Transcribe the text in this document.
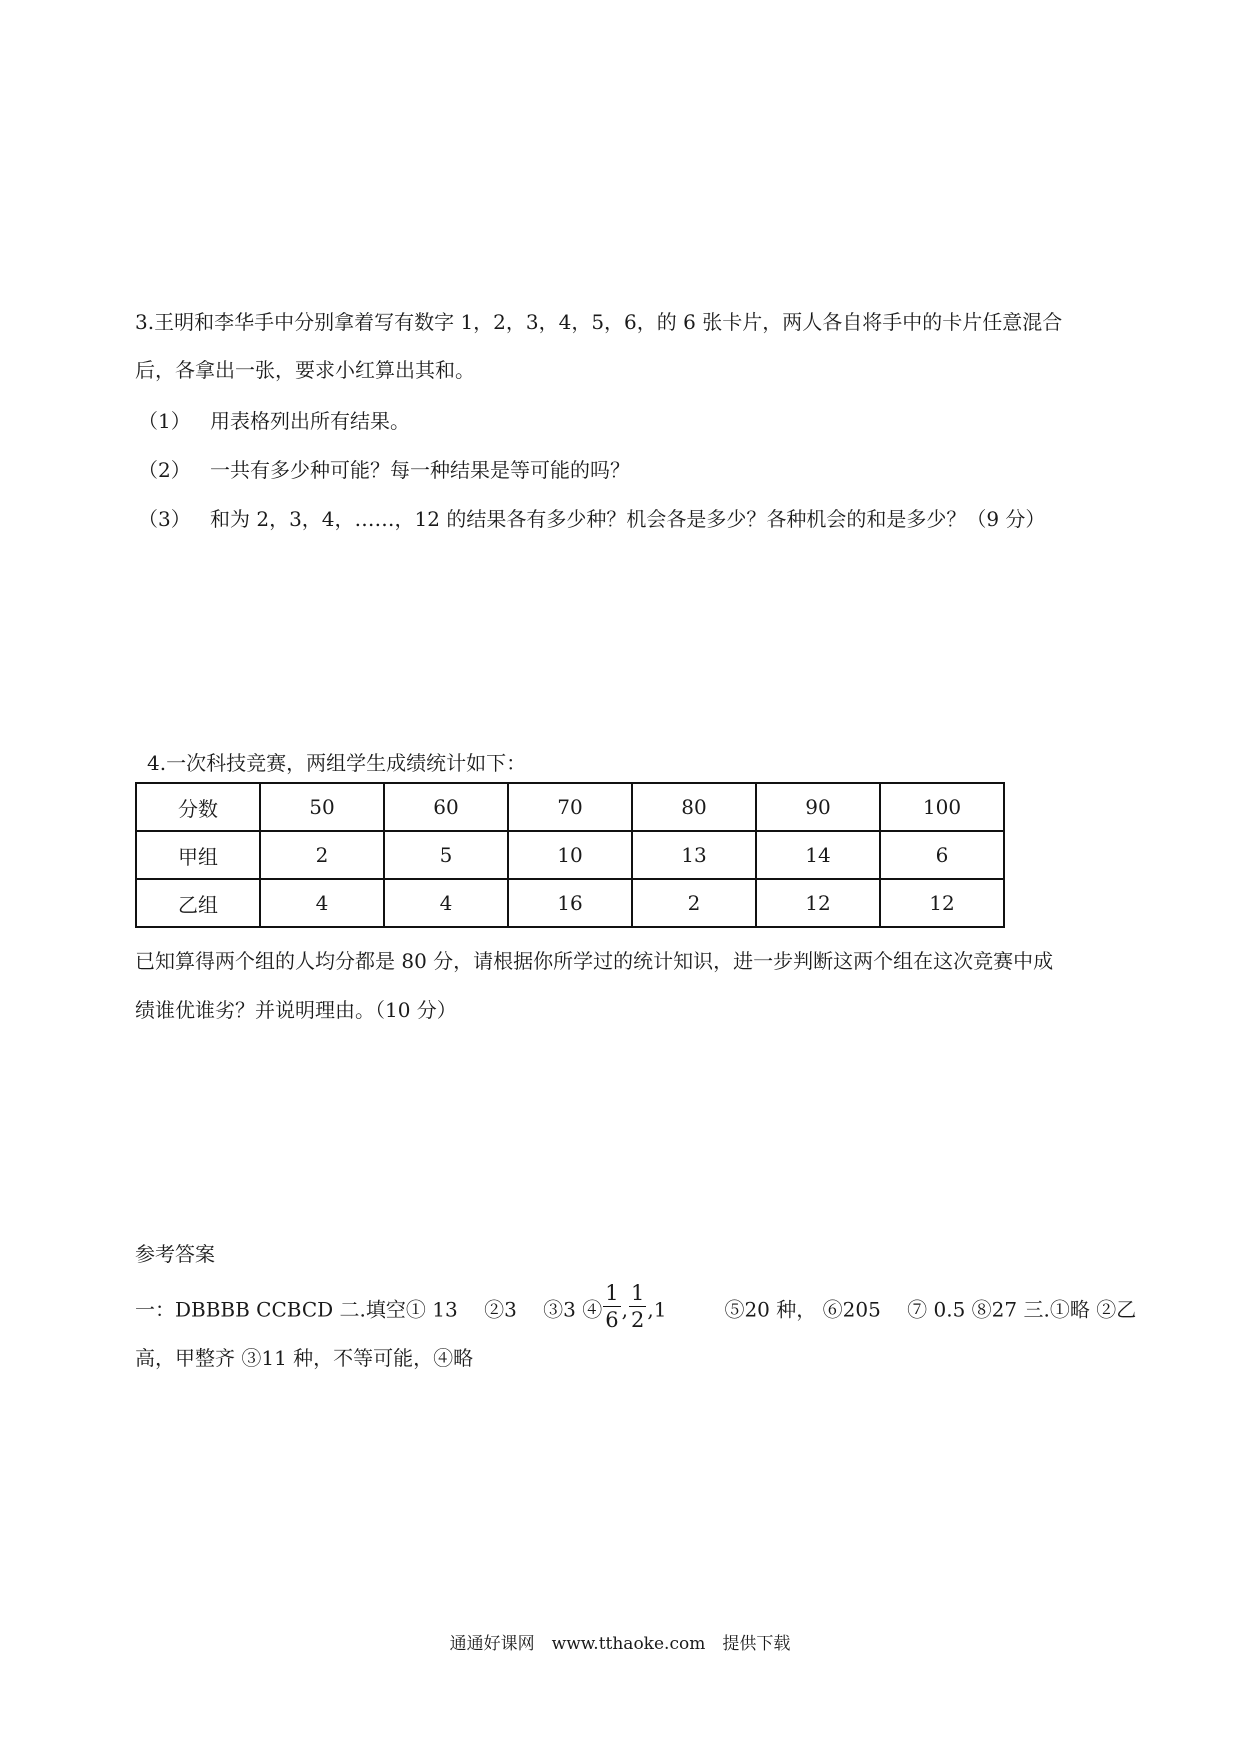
3.王明和李华手中分别拿着写有数字 1，2，3，4，5，6，的 6 张卡片，两人各自将手中的卡片任意混合
后，各拿出一张，要求小红算出其和。
（1） 用表格列出所有结果。
（2） 一共有多少种可能？每一种结果是等可能的吗？
（3） 和为 2，3，4，……，12 的结果各有多少种？机会各是多少？各种机会的和是多少？（9 分）
4.一次科技竞赛，两组学生成绩统计如下：
分数	50	60	70	80	90	100
甲组	2	5	10	13	14	6
乙组	4	4	16	2	12	12
已知算得两个组的人均分都是 80 分，请根据你所学过的统计知识，进一步判断这两个组在这次竞赛中成
绩谁优谁劣？并说明理由。（10 分）
参考答案
一：DBBBB CCBCD 二.填空① 13 　②3 　③3 ④ $\frac{1}{6}$ , $\frac{1}{2} ,1$	⑤20 种， ⑥205 　⑦ 0.5 ⑧27 三.①略 ②乙
高，甲整齐 ③11 种，不等可能，④略
通通好课网　www.tthaoke.com　提供下载
